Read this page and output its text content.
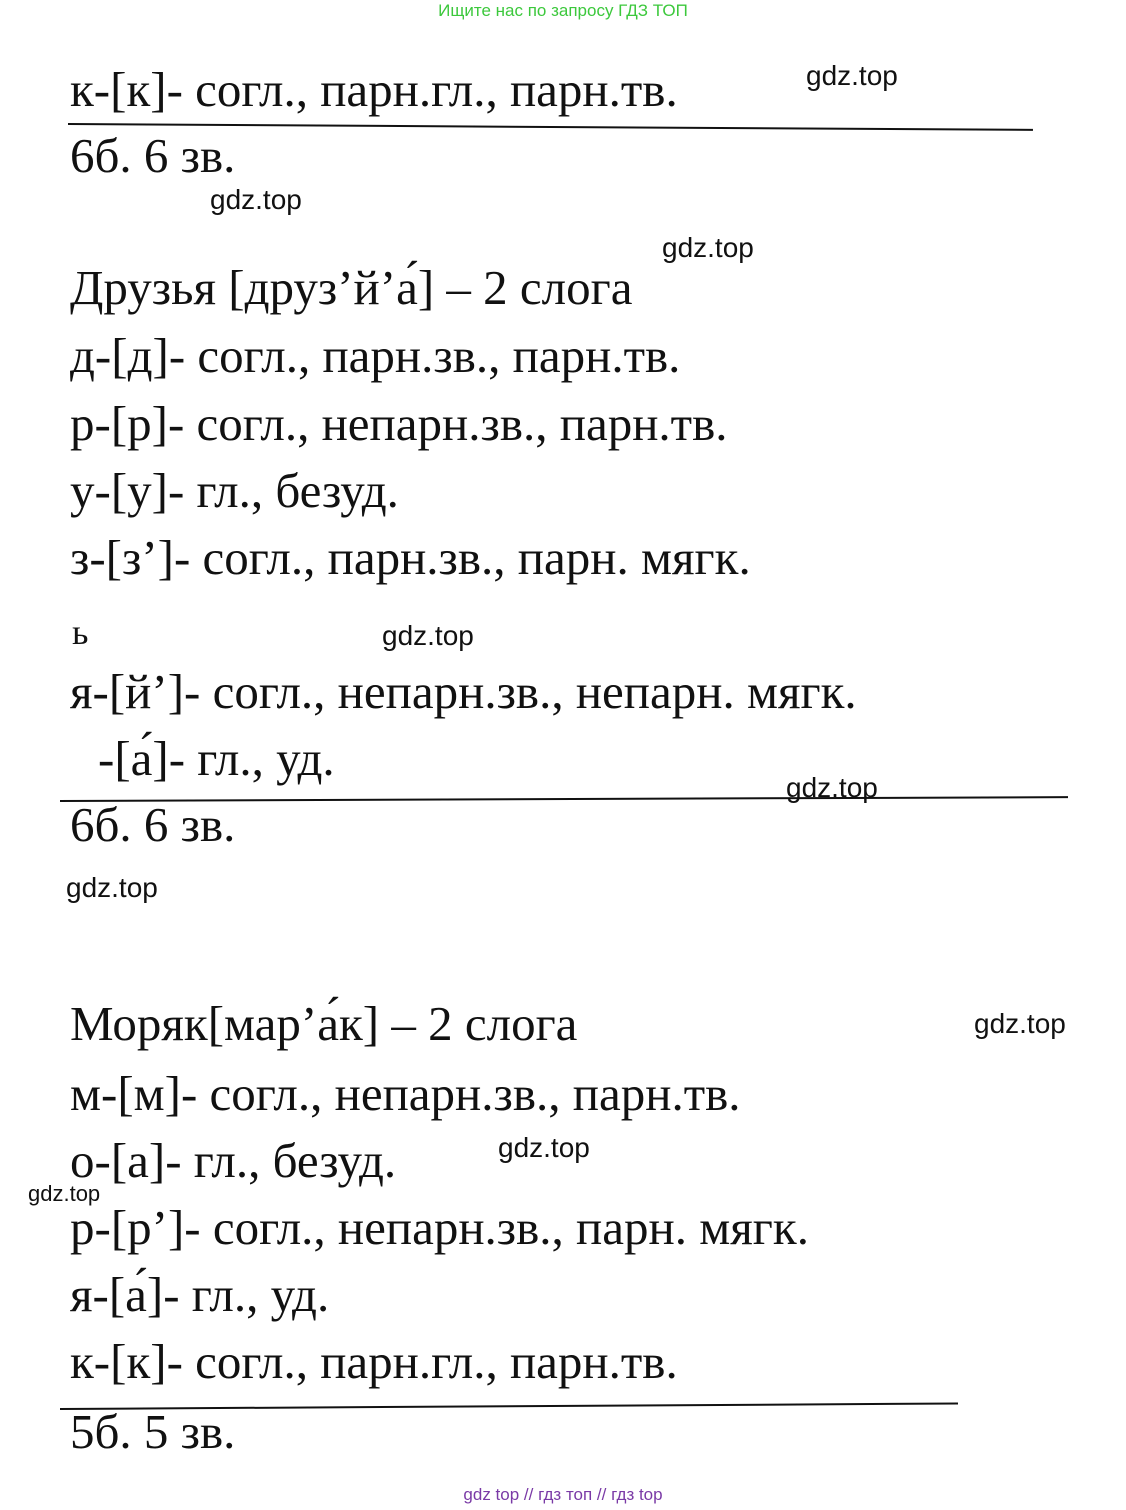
Ищите нас по запросу ГДЗ ТОП
к-[к]- согл., парн.гл., парн.тв.	gdz.top
6б. 6 зв.
gdz.top
gdz.top
Друзья [друз’й’а́] – 2 слога
д-[д]- согл., парн.зв., парн.тв.
р-[р]- согл., непарн.зв., парн.тв.
у-[у]- гл., безуд.
з-[з’]- согл., парн.зв., парн. мягк.
ь	gdz.top
я-[й’]- согл., непарн.зв., непарн. мягк.
-[а́]- гл., уд.
gdz.top
6б. 6 зв.
gdz.top
Моряк[мар’а́к] – 2 слога	gdz.top
м-[м]- согл., непарн.зв., парн.тв.
gdz.top
о-[а]- гл., безуд.
gdz.top
р-[р’]- согл., непарн.зв., парн. мягк.
я-[а́]- гл., уд.
к-[к]- согл., парн.гл., парн.тв.
5б. 5 зв.
gdz top // гдз топ // гдз top
